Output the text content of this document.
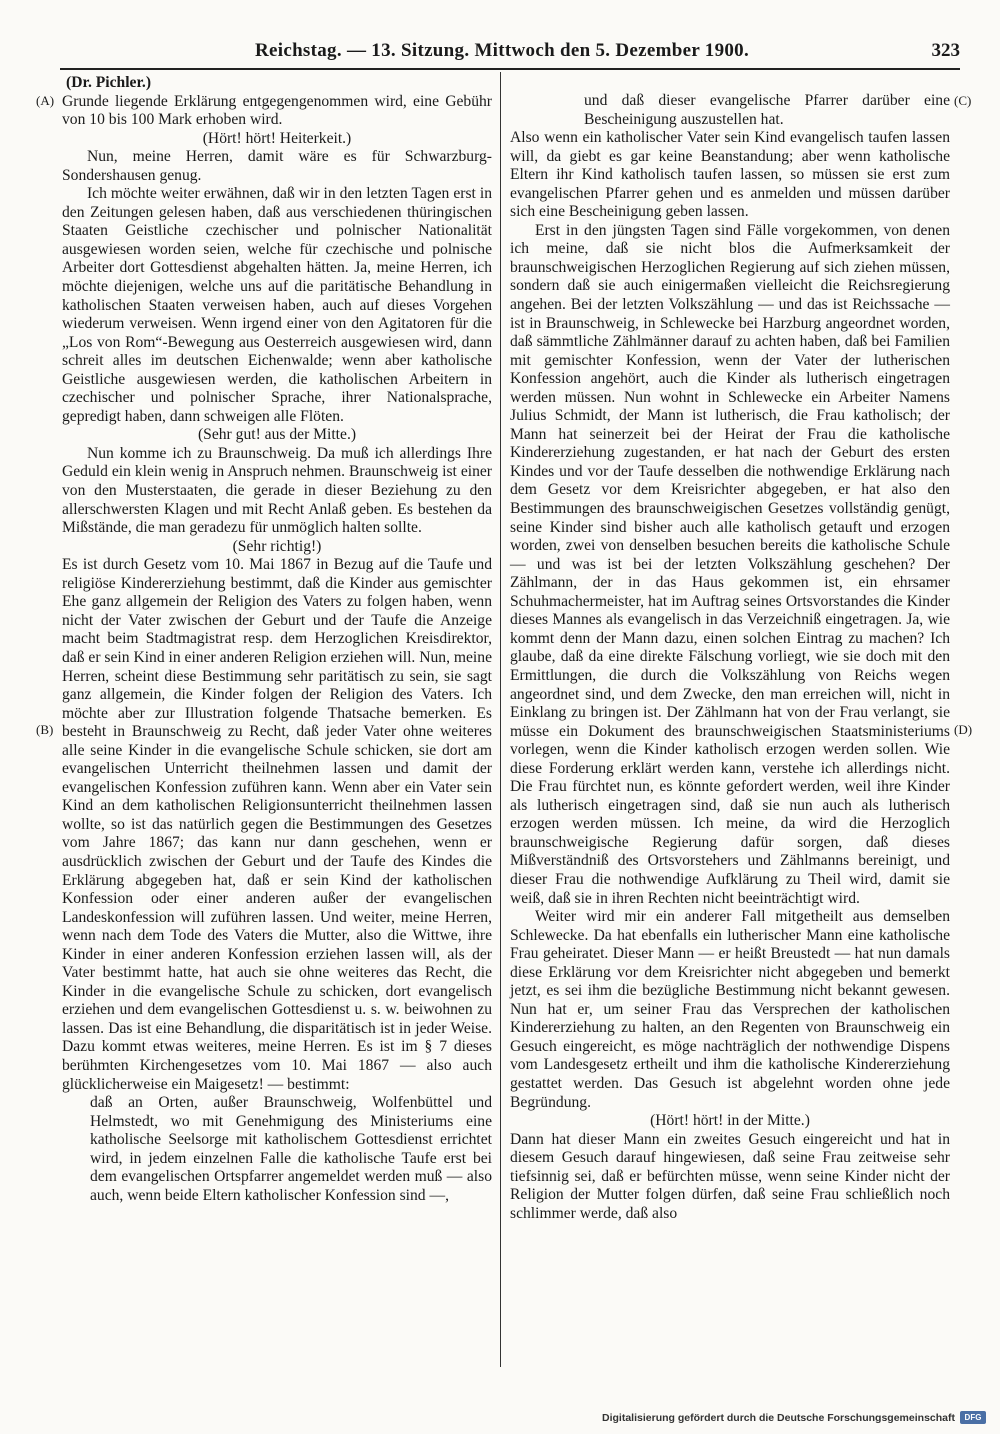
Reichstag. — 13. Sitzung. Mittwoch den 5. Dezember 1900.	323
(A)
(B)
(C)
(D)
(Dr. Pichler.)

Grunde liegende Erklärung entgegengenommen wird, eine Gebühr von 10 bis 100 Mark erhoben wird.

(Hört! hört! Heiterkeit.)

Nun, meine Herren, damit wäre es für Schwarzburg-Sondershausen genug.

Ich möchte weiter erwähnen, daß wir in den letzten Tagen erst in den Zeitungen gelesen haben, daß aus verschiedenen thüringischen Staaten Geistliche czechischer und polnischer Nationalität ausgewiesen worden seien, welche für czechische und polnische Arbeiter dort Gottesdienst abgehalten hätten. Ja, meine Herren, ich möchte diejenigen, welche uns auf die paritätische Behandlung in katholischen Staaten verweisen haben, auch auf dieses Vorgehen wiederum verweisen. Wenn irgend einer von den Agitatoren für die „Los von Rom“-Bewegung aus Oesterreich ausgewiesen wird, dann schreit alles im deutschen Eichenwalde; wenn aber katholische Geistliche ausgewiesen werden, die katholischen Arbeitern in czechischer und polnischer Sprache, ihrer Nationalsprache, gepredigt haben, dann schweigen alle Flöten.

(Sehr gut! aus der Mitte.)

Nun komme ich zu Braunschweig. Da muß ich allerdings Ihre Geduld ein klein wenig in Anspruch nehmen. Braunschweig ist einer von den Musterstaaten, die gerade in dieser Beziehung zu den allerschwersten Klagen und mit Recht Anlaß geben. Es bestehen da Mißstände, die man geradezu für unmöglich halten sollte.

(Sehr richtig!)

Es ist durch Gesetz vom 10. Mai 1867 in Bezug auf die Taufe und religiöse Kindererziehung bestimmt, daß die Kinder aus gemischter Ehe ganz allgemein der Religion des Vaters zu folgen haben, wenn nicht der Vater zwischen der Geburt und der Taufe die Anzeige macht beim Stadtmagistrat resp. dem Herzoglichen Kreisdirektor, daß er sein Kind in einer anderen Religion erziehen will. Nun, meine Herren, scheint diese Bestimmung sehr paritätisch zu sein, sie sagt ganz allgemein, die Kinder folgen der Religion des Vaters. Ich möchte aber zur Illustration folgende Thatsache bemerken. Es besteht in Braunschweig zu Recht, daß jeder Vater ohne weiteres alle seine Kinder in die evangelische Schule schicken, sie dort am evangelischen Unterricht theilnehmen lassen und damit der evangelischen Konfession zuführen kann. Wenn aber ein Vater sein Kind an dem katholischen Religionsunterricht theilnehmen lassen wollte, so ist das natürlich gegen die Bestimmungen des Gesetzes vom Jahre 1867; das kann nur dann geschehen, wenn er ausdrücklich zwischen der Geburt und der Taufe des Kindes die Erklärung abgegeben hat, daß er sein Kind der katholischen Konfession oder einer anderen außer der evangelischen Landeskonfession will zuführen lassen. Und weiter, meine Herren, wenn nach dem Tode des Vaters die Mutter, also die Wittwe, ihre Kinder in einer anderen Konfession erziehen lassen will, als der Vater bestimmt hatte, hat auch sie ohne weiteres das Recht, die Kinder in die evangelische Schule zu schicken, dort evangelisch erziehen und dem evangelischen Gottesdienst u. s. w. beiwohnen zu lassen. Das ist eine Behandlung, die disparitätisch ist in jeder Weise. Dazu kommt etwas weiteres, meine Herren. Es ist im § 7 dieses berühmten Kirchengesetzes vom 10. Mai 1867 — also auch glücklicherweise ein Maigesetz! — bestimmt:

daß an Orten, außer Braunschweig, Wolfenbüttel und Helmstedt, wo mit Genehmigung des Ministeriums eine katholische Seelsorge mit katholischem Gottesdienst errichtet wird, in jedem einzelnen Falle die katholische Taufe erst bei dem evangelischen Ortspfarrer angemeldet werden muß — also auch, wenn beide Eltern katholischer Konfession sind —,

und daß dieser evangelische Pfarrer darüber eine Bescheinigung auszustellen hat.

Also wenn ein katholischer Vater sein Kind evangelisch taufen lassen will, da giebt es gar keine Beanstandung; aber wenn katholische Eltern ihr Kind katholisch taufen lassen, so müssen sie erst zum evangelischen Pfarrer gehen und es anmelden und müssen darüber sich eine Bescheinigung geben lassen.

Erst in den jüngsten Tagen sind Fälle vorgekommen, von denen ich meine, daß sie nicht blos die Aufmerksamkeit der braunschweigischen Herzoglichen Regierung auf sich ziehen müssen, sondern daß sie auch einigermaßen vielleicht die Reichsregierung angehen. Bei der letzten Volkszählung — und das ist Reichssache — ist in Braunschweig, in Schlewecke bei Harzburg angeordnet worden, daß sämmtliche Zählmänner darauf zu achten haben, daß bei Familien mit gemischter Konfession, wenn der Vater der lutherischen Konfession angehört, auch die Kinder als lutherisch eingetragen werden müssen. Nun wohnt in Schlewecke ein Arbeiter Namens Julius Schmidt, der Mann ist lutherisch, die Frau katholisch; der Mann hat seinerzeit bei der Heirat der Frau die katholische Kindererziehung zugestanden, er hat nach der Geburt des ersten Kindes und vor der Taufe desselben die nothwendige Erklärung nach dem Gesetz vor dem Kreisrichter abgegeben, er hat also den Bestimmungen des braunschweigischen Gesetzes vollständig genügt, seine Kinder sind bisher auch alle katholisch getauft und erzogen worden, zwei von denselben besuchen bereits die katholische Schule — und was ist bei der letzten Volkszählung geschehen? Der Zählmann, der in das Haus gekommen ist, ein ehrsamer Schuhmachermeister, hat im Auftrag seines Ortsvorstandes die Kinder dieses Mannes als evangelisch in das Verzeichniß eingetragen. Ja, wie kommt denn der Mann dazu, einen solchen Eintrag zu machen? Ich glaube, daß da eine direkte Fälschung vorliegt, wie sie doch mit den Ermittlungen, die durch die Volkszählung von Reichs wegen angeordnet sind, und dem Zwecke, den man erreichen will, nicht in Einklang zu bringen ist. Der Zählmann hat von der Frau verlangt, sie müsse ein Dokument des braunschweigischen Staatsministeriums vorlegen, wenn die Kinder katholisch erzogen werden sollen. Wie diese Forderung erklärt werden kann, verstehe ich allerdings nicht. Die Frau fürchtet nun, es könnte gefordert werden, weil ihre Kinder als lutherisch eingetragen sind, daß sie nun auch als lutherisch erzogen werden müssen. Ich meine, da wird die Herzoglich braunschweigische Regierung dafür sorgen, daß dieses Mißverständniß des Ortsvorstehers und Zählmanns bereinigt, und dieser Frau die nothwendige Aufklärung zu Theil wird, damit sie weiß, daß sie in ihren Rechten nicht beeinträchtigt wird.

Weiter wird mir ein anderer Fall mitgetheilt aus demselben Schlewecke. Da hat ebenfalls ein lutherischer Mann eine katholische Frau geheiratet. Dieser Mann — er heißt Breustedt — hat nun damals diese Erklärung vor dem Kreisrichter nicht abgegeben und bemerkt jetzt, es sei ihm die bezügliche Bestimmung nicht bekannt gewesen. Nun hat er, um seiner Frau das Versprechen der katholischen Kindererziehung zu halten, an den Regenten von Braunschweig ein Gesuch eingereicht, es möge nachträglich der nothwendige Dispens vom Landesgesetz ertheilt und ihm die katholische Kindererziehung gestattet werden. Das Gesuch ist abgelehnt worden ohne jede Begründung.

(Hört! hört! in der Mitte.)

Dann hat dieser Mann ein zweites Gesuch eingereicht und hat in diesem Gesuch darauf hingewiesen, daß seine Frau zeitweise sehr tiefsinnig sei, daß er befürchten müsse, wenn seine Kinder nicht der Religion der Mutter folgen dürfen, daß seine Frau schließlich noch schlimmer werde, daß also

Digitalisierung gefördert durch die Deutsche Forschungsgemeinschaft	DFG
